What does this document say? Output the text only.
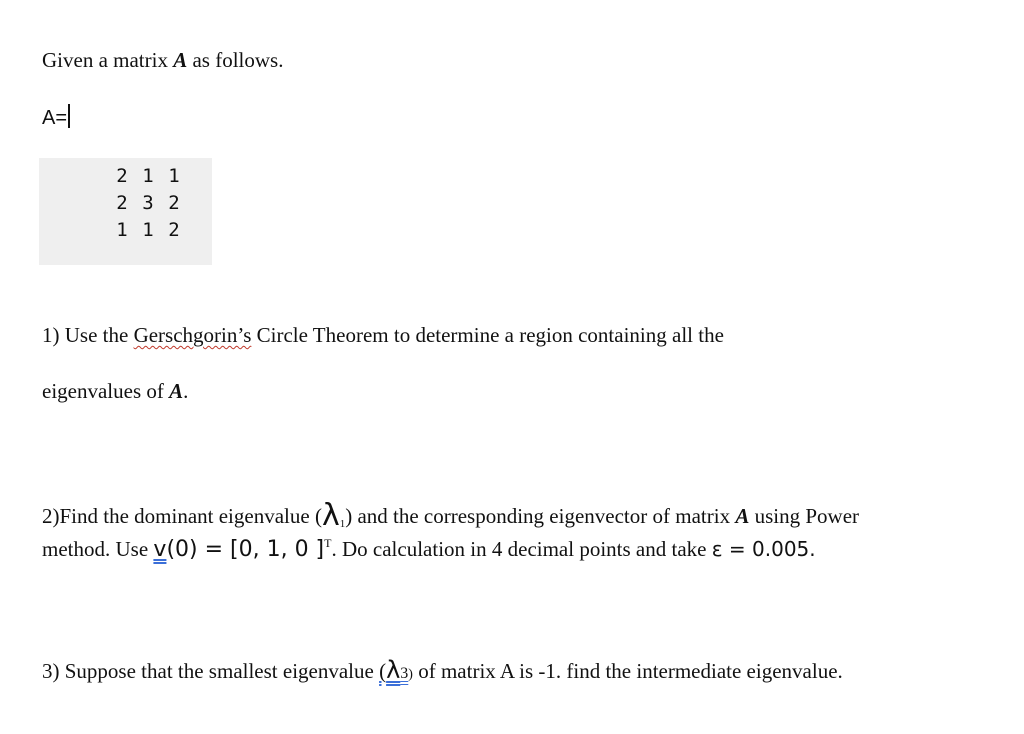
Given a matrix A as follows.
A=
2	1	1
2	3	2
1	1	2
1) Use the Gerschgorin’s Circle Theorem to determine a region containing all the
eigenvalues of A.
2)Find the dominant eigenvalue $(\lambda_1)$ and the corresponding eigenvector of matrix A using Power
method. Use v(0) = [0, 1, 0 ]$^T$. Do calculation in 4 decimal points and take ε = 0.005.
3) Suppose that the smallest eigenvalue (λ3) of matrix A is -1. find the intermediate eigenvalue.
